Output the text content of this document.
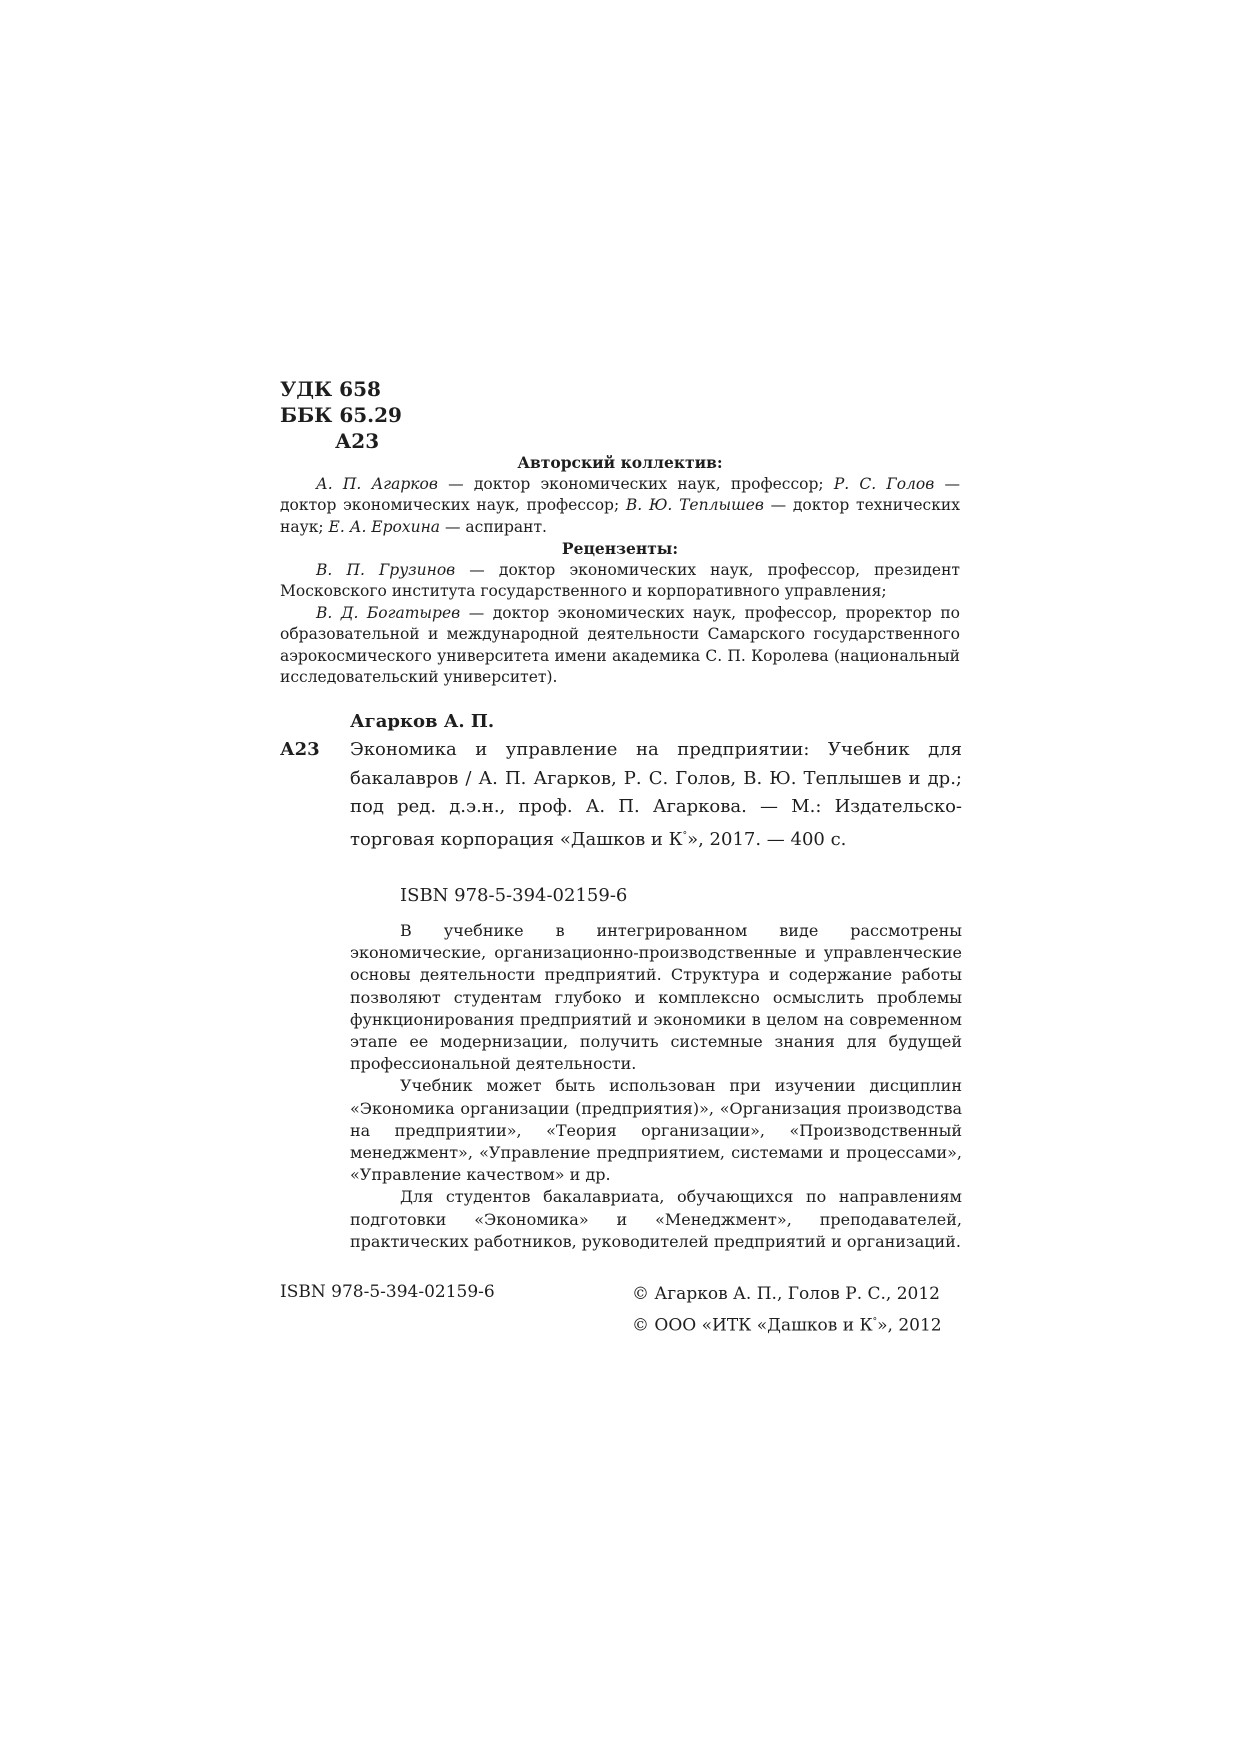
УДК 658
ББК 65.29
А23
Авторский коллектив:
А. П. Агарков — доктор экономических наук, профессор; Р. С. Голов — доктор экономических наук, профессор; В. Ю. Теплышев — доктор технических наук; Е. А. Ерохина — аспирант.
Рецензенты:
В. П. Грузинов — доктор экономических наук, профессор, президент Московского института государственного и корпоративного управления;
В. Д. Богатырев — доктор экономических наук, профессор, проректор по образовательной и международной деятельности Самарского государственного аэрокосмического университета имени академика С. П. Королева (национальный исследовательский университет).
Агарков А. П.
А23 Экономика и управление на предприятии: Учебник для бакалавров / А. П. Агарков, Р. С. Голов, В. Ю. Теплышев и др.; под ред. д.э.н., проф. А. П. Агаркова. — М.: Издательско-торговая корпорация «Дашков и К°», 2017. — 400 с.
ISBN 978-5-394-02159-6

В учебнике в интегрированном виде рассмотрены экономические, организационно-производственные и управленческие основы деятельности предприятий. Структура и содержание работы позволяют студентам глубоко и комплексно осмыслить проблемы функционирования предприятий и экономики в целом на современном этапе ее модернизации, получить системные знания для будущей профессиональной деятельности.

Учебник может быть использован при изучении дисциплин «Экономика организации (предприятия)», «Организация производства на предприятии», «Теория организации», «Производственный менеджмент», «Управление предприятием, системами и процессами», «Управление качеством» и др.

Для студентов бакалавриата, обучающихся по направлениям подготовки «Экономика» и «Менеджмент», преподавателей, практических работников, руководителей предприятий и организаций.

ISBN 978-5-394-02159-6	© Агарков А. П., Голов Р. С., 2012
© ООО «ИТК «Дашков и К°», 2012
